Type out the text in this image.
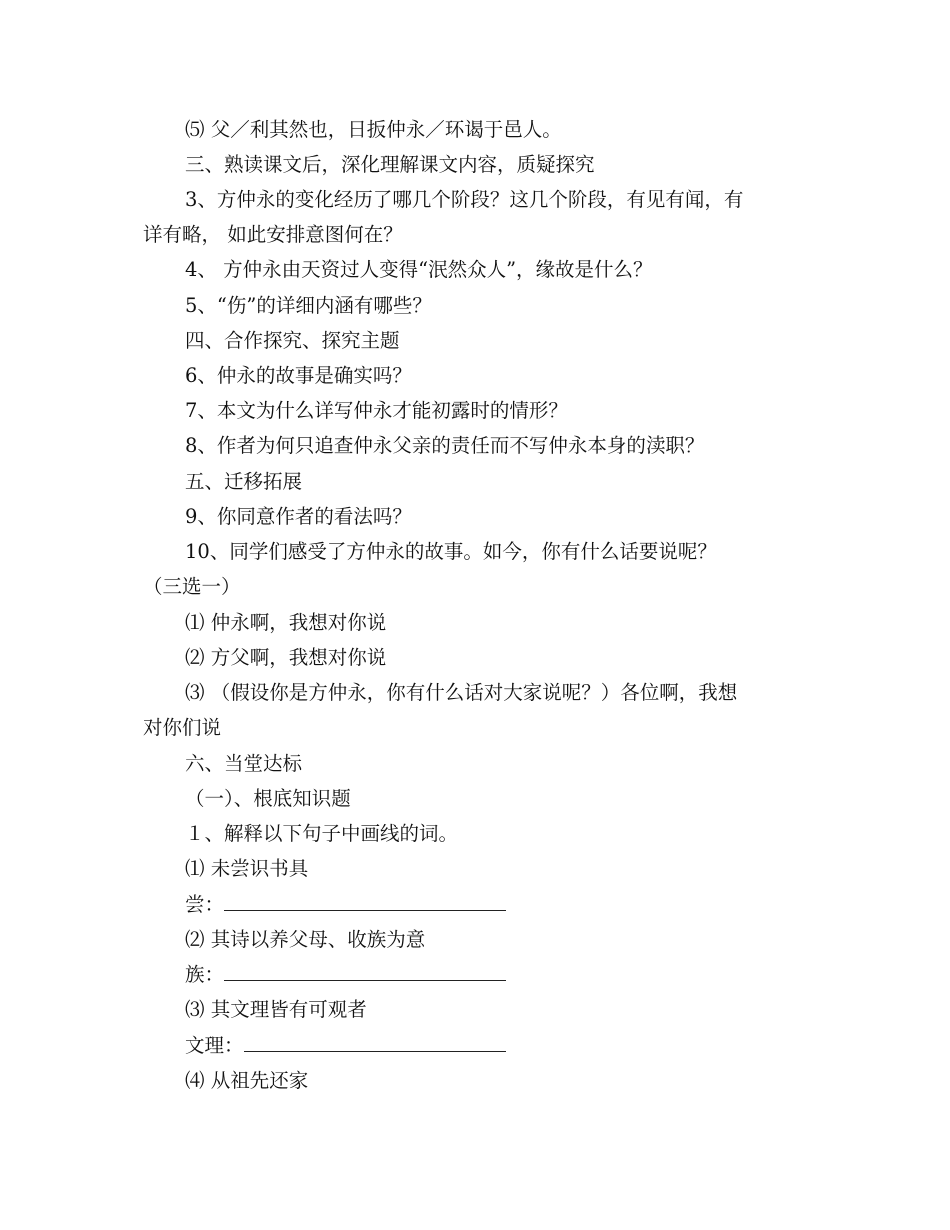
⑸ 父／利其然也，日扳仲永／环谒于邑人。
三、熟读课文后，深化理解课文内容，质疑探究
3、方仲永的变化经历了哪几个阶段？这几个阶段，有见有闻，有
详有略， 如此安排意图何在？
4、 方仲永由天资过人变得“泯然众人”，缘故是什么？
5、“伤”的详细内涵有哪些？
四、合作探究、探究主题
6、仲永的故事是确实吗？
7、本文为什么详写仲永才能初露时的情形？
8、作者为何只追查仲永父亲的责任而不写仲永本身的渎职？
五、迁移拓展
9、你同意作者的看法吗？
10、同学们感受了方仲永的故事。如今，你有什么话要说呢？
（三选一）
⑴ 仲永啊，我想对你说
⑵ 方父啊，我想对你说
⑶ （假设你是方仲永，你有什么话对大家说呢？）各位啊，我想
对你们说
六、当堂达标
（一）、根底知识题
１、解释以下句子中画线的词。
⑴ 未尝识书具
尝：
⑵ 其诗以养父母、收族为意
族：
⑶ 其文理皆有可观者
文理：
⑷ 从祖先还家
